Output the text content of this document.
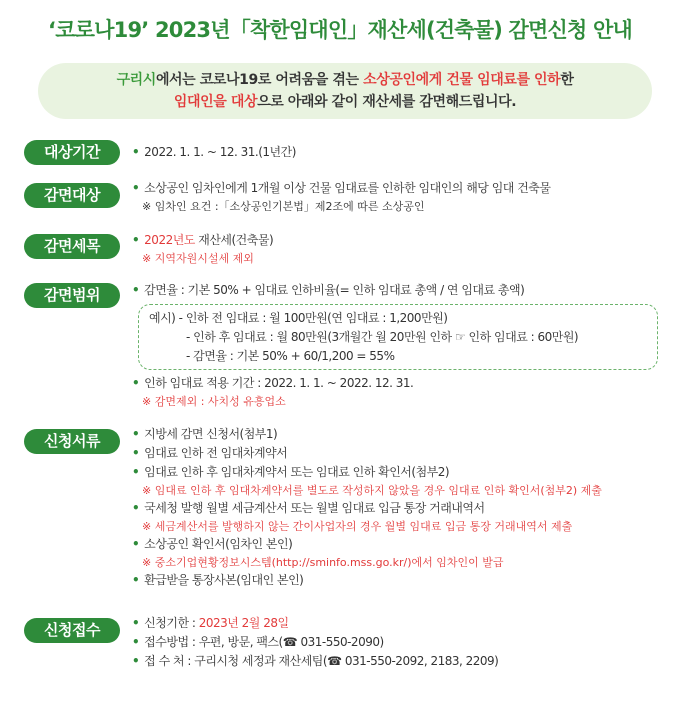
‘코로나19’ 2023년「착한임대인」재산세(건축물) 감면신청 안내
구리시에서는 코로나19로 어려움을 겪는 소상공인에게 건물 임대료를 인하한
임대인을 대상으로 아래와 같이 재산세를 감면해드립니다.
대상기간	• 2022. 1. 1. ~ 12. 31.(1년간)
감면대상	• 소상공인 임차인에게 1개월 이상 건물 임대료를 인하한 임대인의 해당 임대 건축물
※ 임차인 요건 :「소상공인기본법」제2조에 따른 소상공인
감면세목	• 2022년도 재산세(건축물)
※ 지역자원시설세 제외
감면범위	• 감면율 : 기본 50% + 임대료 인하비율(= 인하 임대료 총액 / 연 임대료 총액)
예시) - 인하 전 임대료 : 월 100만원(연 임대료 : 1,200만원)
- 인하 후 임대료 : 월 80만원(3개월간 월 20만원 인하 ☞ 인하 임대료 : 60만원)
- 감면율 : 기본 50% + 60/1,200 = 55%
• 인하 임대료 적용 기간 : 2022. 1. 1. ~ 2022. 12. 31.
※ 감면제외 : 사치성 유흥업소
신청서류	• 지방세 감면 신청서(첨부1)
• 임대료 인하 전 임대차계약서
• 임대료 인하 후 임대차계약서 또는 임대료 인하 확인서(첨부2)
※ 임대료 인하 후 임대차계약서를 별도로 작성하지 않았을 경우 임대료 인하 확인서(첨부2) 제출
• 국세청 발행 월별 세금계산서 또는 월별 임대료 입금 통장 거래내역서
※ 세금계산서를 발행하지 않는 간이사업자의 경우 월별 임대료 입금 통장 거래내역서 제출
• 소상공인 확인서(임차인 본인)
※ 중소기업현황정보시스템(http://sminfo.mss.go.kr/)에서 임차인이 발급
• 환급받을 통장사본(임대인 본인)
신청접수	• 신청기한 : 2023년 2월 28일
• 접수방법 : 우편, 방문, 팩스(☎ 031-550-2090)
• 접 수 처 : 구리시청 세정과 재산세팀(☎ 031-550-2092, 2183, 2209)
